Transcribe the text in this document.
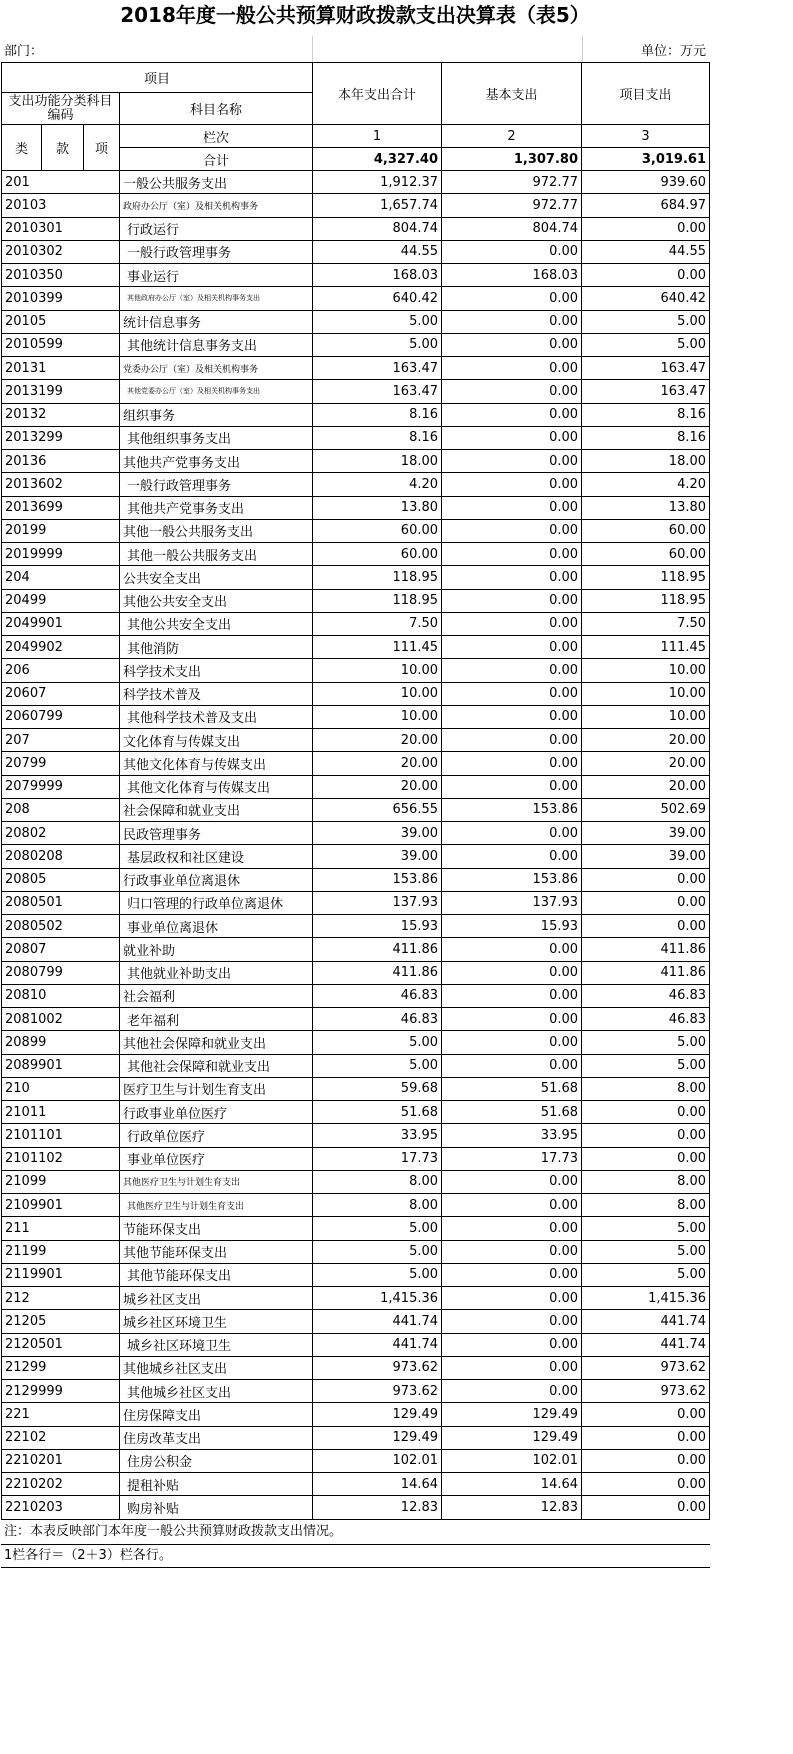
2018年度一般公共预算财政拨款支出决算表（表5）
部门：	单位：万元
项目				本年支出合计	基本支出	项目支出
支出功能分类科目编码			科目名称			
类	款	项	栏次	1	2	3
			合计	4,327.40	1,307.80	3,019.61
201			一般公共服务支出	1,912.37	972.77	939.60
20103			政府办公厅（室）及相关机构事务	1,657.74	972.77	684.97
2010301			行政运行	804.74	804.74	0.00
2010302			一般行政管理事务	44.55	0.00	44.55
2010350			事业运行	168.03	168.03	0.00
2010399			其他政府办公厅（室）及相关机构事务支出	640.42	0.00	640.42
20105			统计信息事务	5.00	0.00	5.00
2010599			其他统计信息事务支出	5.00	0.00	5.00
20131			党委办公厅（室）及相关机构事务	163.47	0.00	163.47
2013199			其他党委办公厅（室）及相关机构事务支出	163.47	0.00	163.47
20132			组织事务	8.16	0.00	8.16
2013299			其他组织事务支出	8.16	0.00	8.16
20136			其他共产党事务支出	18.00	0.00	18.00
2013602			一般行政管理事务	4.20	0.00	4.20
2013699			其他共产党事务支出	13.80	0.00	13.80
20199			其他一般公共服务支出	60.00	0.00	60.00
2019999			其他一般公共服务支出	60.00	0.00	60.00
204			公共安全支出	118.95	0.00	118.95
20499			其他公共安全支出	118.95	0.00	118.95
2049901			其他公共安全支出	7.50	0.00	7.50
2049902			其他消防	111.45	0.00	111.45
206			科学技术支出	10.00	0.00	10.00
20607			科学技术普及	10.00	0.00	10.00
2060799			其他科学技术普及支出	10.00	0.00	10.00
207			文化体育与传媒支出	20.00	0.00	20.00
20799			其他文化体育与传媒支出	20.00	0.00	20.00
2079999			其他文化体育与传媒支出	20.00	0.00	20.00
208			社会保障和就业支出	656.55	153.86	502.69
20802			民政管理事务	39.00	0.00	39.00
2080208			基层政权和社区建设	39.00	0.00	39.00
20805			行政事业单位离退休	153.86	153.86	0.00
2080501			归口管理的行政单位离退休	137.93	137.93	0.00
2080502			事业单位离退休	15.93	15.93	0.00
20807			就业补助	411.86	0.00	411.86
2080799			其他就业补助支出	411.86	0.00	411.86
20810			社会福利	46.83	0.00	46.83
2081002			老年福利	46.83	0.00	46.83
20899			其他社会保障和就业支出	5.00	0.00	5.00
2089901			其他社会保障和就业支出	5.00	0.00	5.00
210			医疗卫生与计划生育支出	59.68	51.68	8.00
21011			行政事业单位医疗	51.68	51.68	0.00
2101101			行政单位医疗	33.95	33.95	0.00
2101102			事业单位医疗	17.73	17.73	0.00
21099			其他医疗卫生与计划生育支出	8.00	0.00	8.00
2109901			其他医疗卫生与计划生育支出	8.00	0.00	8.00
211			节能环保支出	5.00	0.00	5.00
21199			其他节能环保支出	5.00	0.00	5.00
2119901			其他节能环保支出	5.00	0.00	5.00
212			城乡社区支出	1,415.36	0.00	1,415.36
21205			城乡社区环境卫生	441.74	0.00	441.74
2120501			城乡社区环境卫生	441.74	0.00	441.74
21299			其他城乡社区支出	973.62	0.00	973.62
2129999			其他城乡社区支出	973.62	0.00	973.62
221			住房保障支出	129.49	129.49	0.00
22102			住房改革支出	129.49	129.49	0.00
2210201			住房公积金	102.01	102.01	0.00
2210202			提租补贴	14.64	14.64	0.00
2210203			购房补贴	12.83	12.83	0.00
注：本表反映部门本年度一般公共预算财政拨款支出情况。
1栏各行＝（2＋3）栏各行。
